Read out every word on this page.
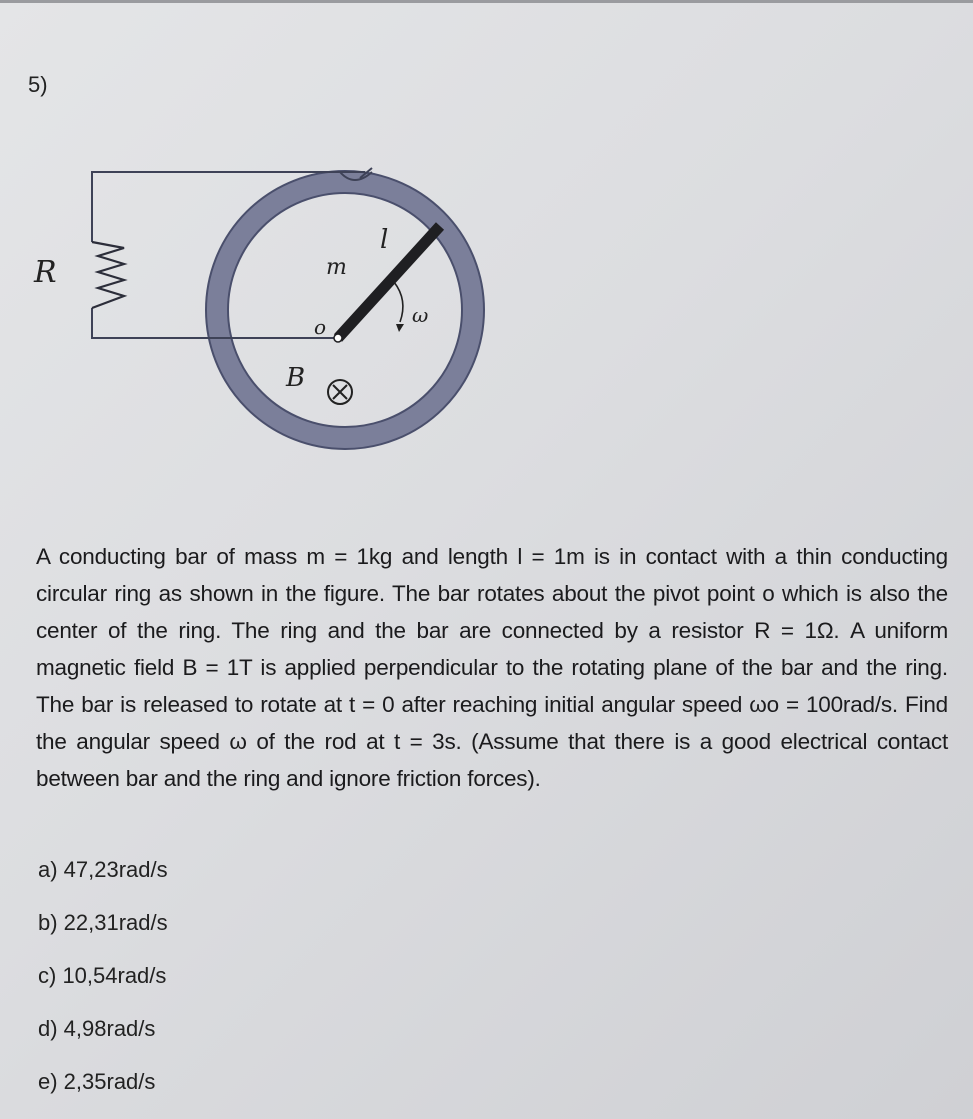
5)
R	m
l
ω
o
B
A conducting bar of mass m = 1kg and length l = 1m is in contact with a thin conducting circular ring as shown in the figure. The bar rotates about the pivot point o which is also the center of the ring. The ring and the bar are connected by a resistor R = 1Ω. A uniform magnetic field B = 1T is applied perpendicular to the rotating plane of the bar and the ring. The bar is released to rotate at t = 0 after reaching initial angular speed ωo = 100rad/s. Find the angular speed ω of the rod at t = 3s. (Assume that there is a good electrical contact between bar and the ring and ignore friction forces).
a) 47,23rad/s
b) 22,31rad/s
c) 10,54rad/s
d) 4,98rad/s
e) 2,35rad/s
